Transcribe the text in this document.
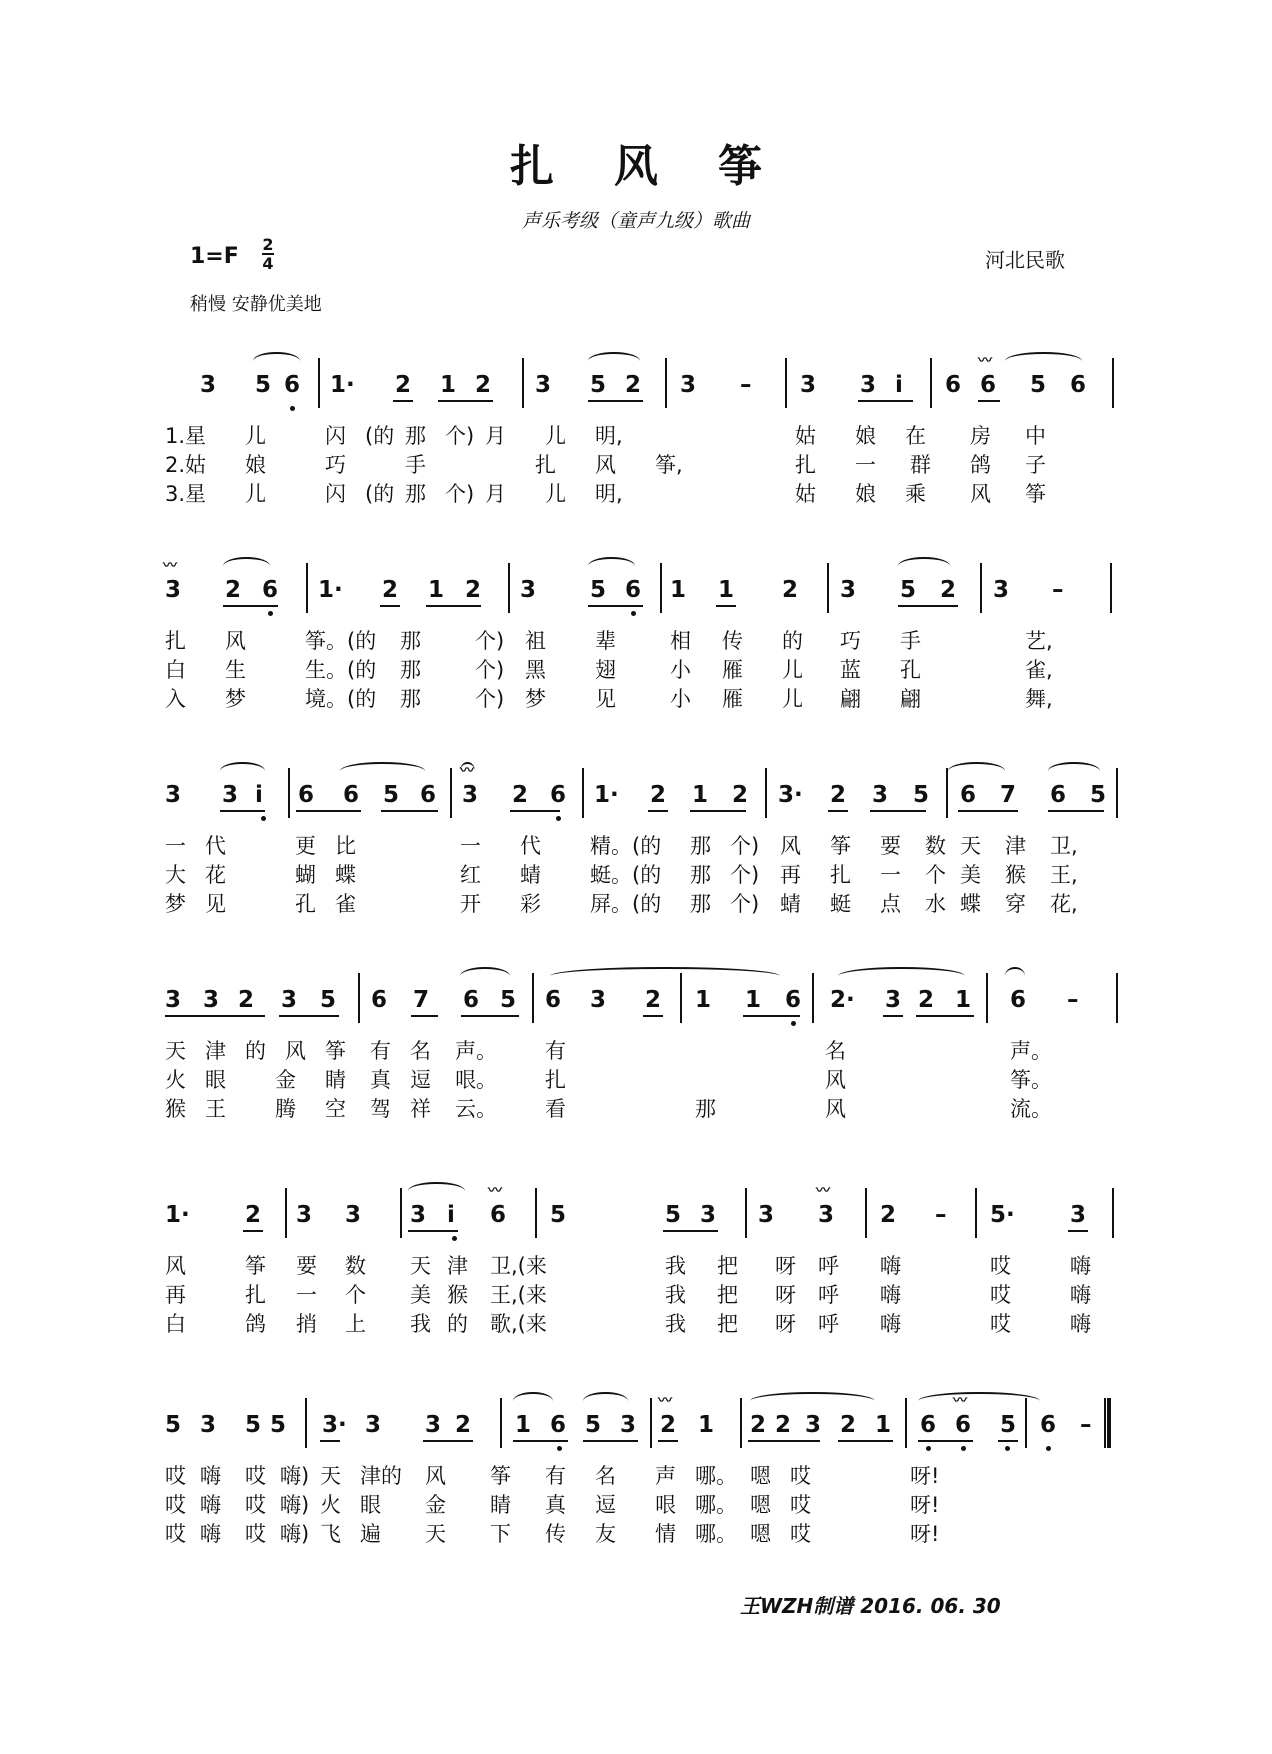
扎风筝
声乐考级（童声九级）歌曲
1=F 2
4	河北民歌
稍慢 安静优美地
3 5 6 1· 2 1 2 3 5 2 3 – 3 3 i 6 6 5 6
〰
1.星 儿	闪 (的 那 个) 月 儿 明,	姑 娘 在 房 中
2.姑 娘	巧	手	扎 风 筝,	扎 一 群 鸽 子
3.星 儿	闪 (的 那 个) 月 儿 明,	姑 娘 乘 风 筝
3 2 6 1· 2 1 2 3 5 6 1 1 2 3 5 2 3 –
〰
扎 风	筝。(的 那	个) 祖 辈	相 传 的 巧 手	艺,
白 生	生。(的 那	个) 黑 翅	小 雁 儿 蓝 孔	雀,
入 梦	境。(的 那	个) 梦 见	小 雁 儿 翩 翩	舞,
3 3 i 6 6 5 6 3 2 6 1· 2 1 2 3· 2 3 5 6 7 6 5
〰
一 代	更 比	一 代 精。(的 那 个) 风 筝 要 数 天 津 卫,
大 花	蝴 蝶	红 蜻 蜓。(的 那 个) 再 扎 一 个 美 猴 王,
梦 见	孔 雀	开 彩 屏。(的 那 个) 蜻 蜓 点 水 蝶 穿 花,
3 3 2 3 5 6 7 6 5 6 3 2 1 1 6 2· 3 2 1 6 –
天 津 的 风 筝 有 名 声。 有	名	声。
火 眼 金 睛 真 逗 哏。 扎	风	筝。
猴 王 腾 空 驾 祥 云。 看	那	风	流。
1· 2 3 3 3 i 6 5	5 3 3 3 2 – 5· 3
〰	〰
风	筝 要 数 天 津 卫,(来	我 把 呀 呼 嗨	哎	嗨
再	扎 一 个 美 猴 王,(来	我 把 呀 呼 嗨	哎	嗨
白	鸽 捎 上 我 的 歌,(来	我 把 呀 呼 嗨	哎	嗨
5 3 5 5 3· 3 3 2 1 6 5 3 2 1 2 2 3 2 1 6 6 5 6 –
〰	〰
哎 嗨 哎 嗨) 天 津的 风 筝 有 名 声 哪。 嗯 哎	呀!
哎 嗨 哎 嗨) 火 眼 金 睛 真 逗 哏 哪。 嗯 哎	呀!
哎 嗨 哎 嗨) 飞 遍 天 下 传 友 情 哪。 嗯 哎	呀!
王WZH制谱 2016. 06. 30
